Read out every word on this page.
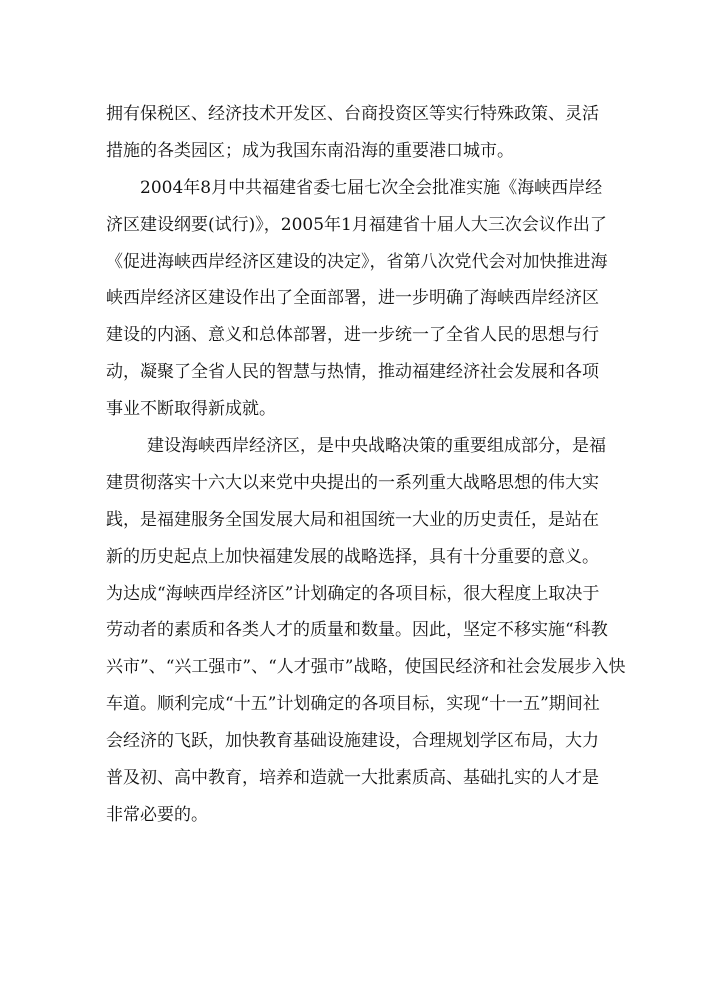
拥有保税区、经济技术开发区、台商投资区等实行特殊政策、灵活
措施的各类园区；成为我国东南沿海的重要港口城市。
2004年8月中共福建省委七届七次全会批准实施《海峡西岸经
济区建设纲要(试行)》，2005年1月福建省十届人大三次会议作出了
《促进海峡西岸经济区建设的决定》，省第八次党代会对加快推进海
峡西岸经济区建设作出了全面部署，进一步明确了海峡西岸经济区
建设的内涵、意义和总体部署，进一步统一了全省人民的思想与行
动，凝聚了全省人民的智慧与热情，推动福建经济社会发展和各项
事业不断取得新成就。
建设海峡西岸经济区，是中央战略决策的重要组成部分，是福
建贯彻落实十六大以来党中央提出的一系列重大战略思想的伟大实
践，是福建服务全国发展大局和祖国统一大业的历史责任，是站在
新的历史起点上加快福建发展的战略选择，具有十分重要的意义。
为达成“海峡西岸经济区”计划确定的各项目标，很大程度上取决于
劳动者的素质和各类人才的质量和数量。因此，坚定不移实施“科教
兴市”、“兴工强市”、“人才强市”战略，使国民经济和社会发展步入快
车道。顺利完成“十五”计划确定的各项目标，实现“十一五”期间社
会经济的飞跃，加快教育基础设施建设，合理规划学区布局，大力
普及初、高中教育，培养和造就一大批素质高、基础扎实的人才是
非常必要的。
